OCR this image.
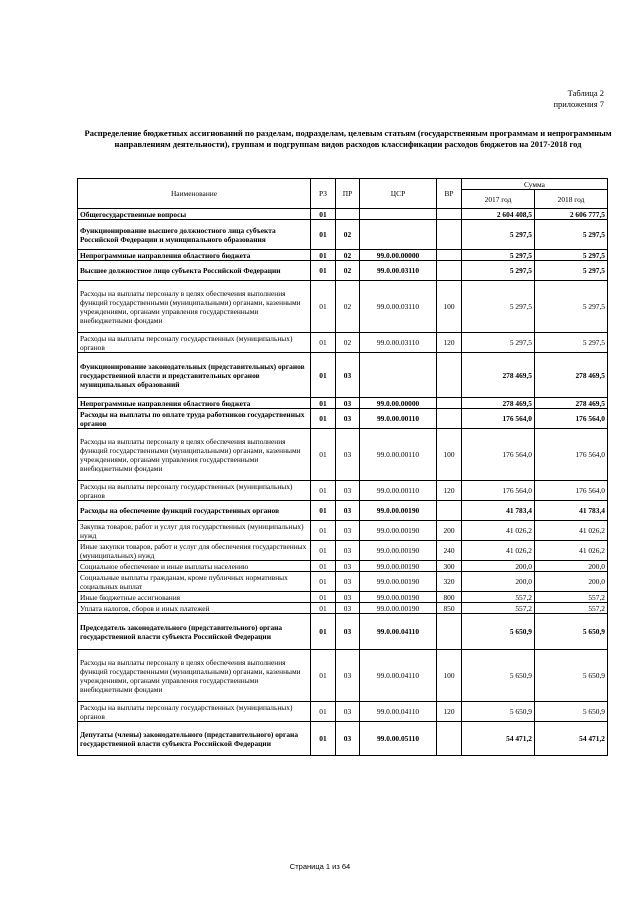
Таблица 2
приложения 7
Распределение бюджетных ассигнований по разделам, подразделам, целевым статьям (государственным программам и непрограммным направлениям деятельности), группам и подгруппам видов расходов классификации расходов бюджетов на 2017-2018 год
Наименование	РЗ	ПР	ЦСР	ВР	Сумма	
					2017 год	2018 год
Общегосударственные вопросы	01				2 604 408,5	2 606 777,5
Функционирование высшего должностного лица субъекта Российской Федерации и муниципального образования	01	02			5 297,5	5 297,5
Непрограммные направления областного бюджета	01	02	99.0.00.00000		5 297,5	5 297,5
Высшее должностное лицо субъекта Российской Федерации	01	02	99.0.00.03110		5 297,5	5 297,5
Расходы на выплаты персоналу в целях обеспечения выполнения функций государственными (муниципальными) органами, казенными учреждениями, органами управления государственными внебюджетными фондами	01	02	99.0.00.03110	100	5 297,5	5 297,5
Расходы на выплаты персоналу государственных (муниципальных) органов	01	02	99.0.00.03110	120	5 297,5	5 297,5
Функционирование законодательных (представительных) органов государственной власти и представительных органов муниципальных образований	01	03			278 469,5	278 469,5
Непрограммные направления областного бюджета	01	03	99.0.00.00000		278 469,5	278 469,5
Расходы на выплаты по оплате труда работников государственных органов	01	03	99.0.00.00110		176 564,0	176 564,0
Расходы на выплаты персоналу в целях обеспечения выполнения функций государственными (муниципальными) органами, казенными учреждениями, органами управления государственными внебюджетными фондами	01	03	99.0.00.00110	100	176 564,0	176 564,0
Расходы на выплаты персоналу государственных (муниципальных) органов	01	03	99.0.00.00110	120	176 564,0	176 564,0
Расходы на обеспечение функций государственных органов	01	03	99.0.00.00190		41 783,4	41 783,4
Закупка товаров, работ и услуг для государственных (муниципальных) нужд	01	03	99.0.00.00190	200	41 026,2	41 026,2
Иные закупки товаров, работ и услуг для обеспечения государственных (муниципальных) нужд	01	03	99.0.00.00190	240	41 026,2	41 026,2
Социальное обеспечение и иные выплаты населению	01	03	99.0.00.00190	300	200,0	200,0
Социальные выплаты гражданам, кроме публичных нормативных социальных выплат	01	03	99.0.00.00190	320	200,0	200,0
Иные бюджетные ассигнования	01	03	99.0.00.00190	800	557,2	557,2
Уплата налогов, сборов и иных платежей	01	03	99.0.00.00190	850	557,2	557,2
Председатель законодательного (представительного) органа государственной власти субъекта Российской Федерации	01	03	99.0.00.04110		5 650,9	5 650,9
Расходы на выплаты персоналу в целях обеспечения выполнения функций государственными (муниципальными) органами, казенными учреждениями, органами управления государственными внебюджетными фондами	01	03	99.0.00.04110	100	5 650,9	5 650,9
Расходы на выплаты персоналу государственных (муниципальных) органов	01	03	99.0.00.04110	120	5 650,9	5 650,9
Депутаты (члены) законодательного (представительного) органа государственной власти субъекта Российской Федерации	01	03	99.0.00.05110		54 471,2	54 471,2
Страница 1 из 64
